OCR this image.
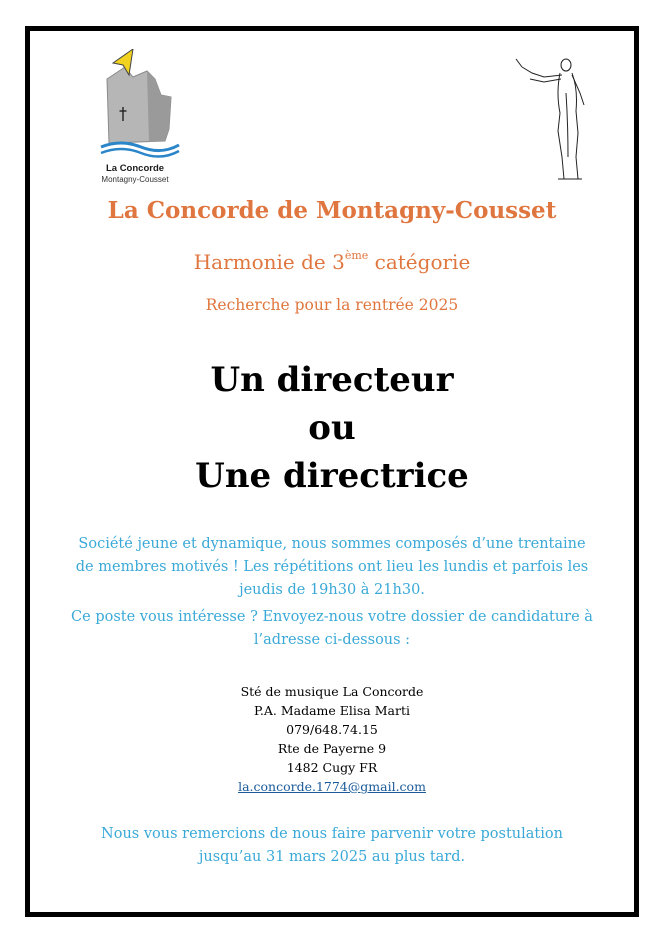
La Concorde
Montagny-Cousset
La Concorde de Montagny-Cousset
Harmonie de 3ème catégorie
Recherche pour la rentrée 2025
Un directeur
ou
Une directrice
Société jeune et dynamique, nous sommes composés d’une trentaine de membres motivés ! Les répétitions ont lieu les lundis et parfois les jeudis de 19h30 à 21h30.
Ce poste vous intéresse ? Envoyez-nous votre dossier de candidature à l’adresse ci-dessous :
Sté de musique La Concorde
P.A. Madame Elisa Marti
079/648.74.15
Rte de Payerne 9
1482 Cugy FR
la.concorde.1774@gmail.com
Nous vous remercions de nous faire parvenir votre postulation jusqu’au 31 mars 2025 au plus tard.
